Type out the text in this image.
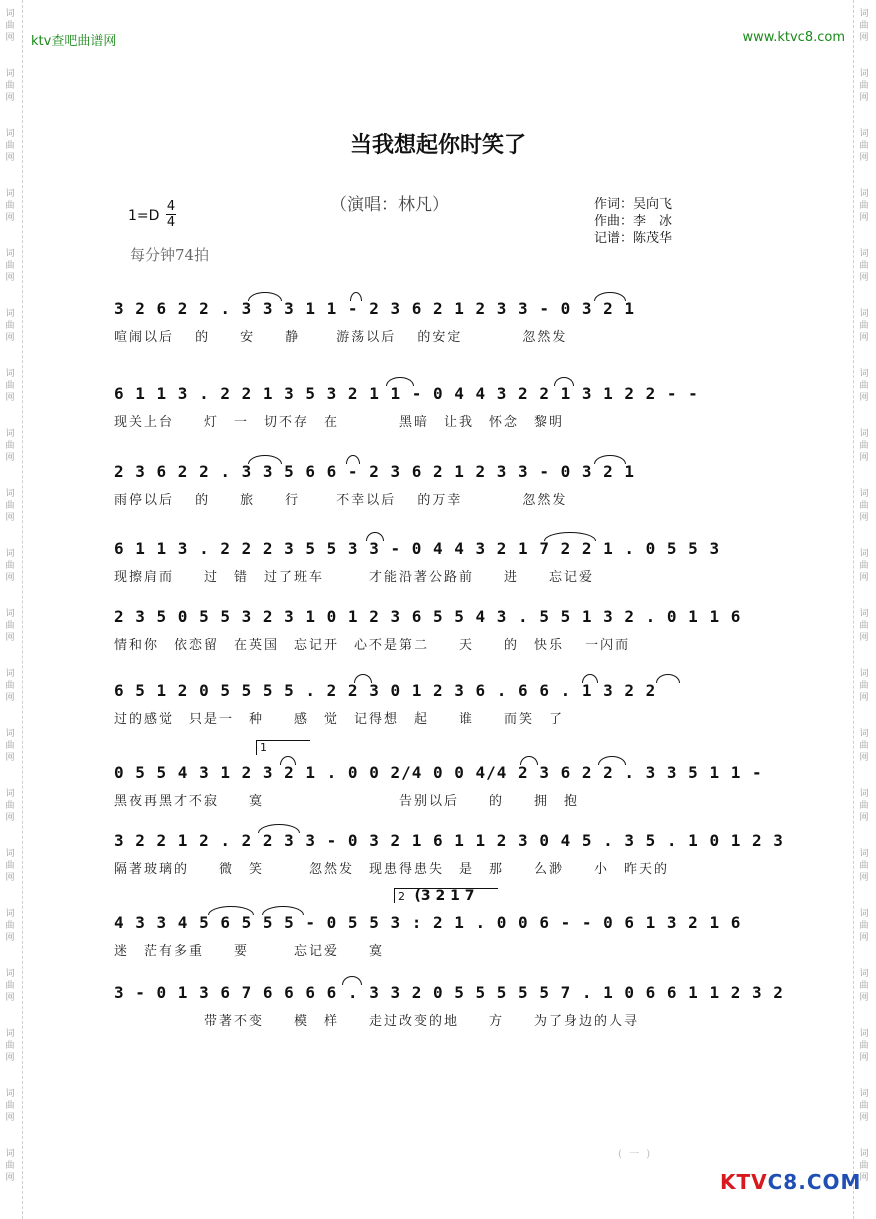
词
曲
网
词
曲
网
词
曲
网
词
曲
网
词
曲
网
词
曲
网
词
曲
网
词
曲
网
词
曲
网
词
曲
网
词
曲
网
词
曲
网
词
曲
网
词
曲
网
词
曲
网
词
曲
网
词
曲
网
词
曲
网
词
曲
网
词
曲
网
词
曲
网
词
曲
网
词
曲
网
词
曲
网
词
曲
网
词
曲
网
词
曲
网
词
曲
网
词
曲
网
词
曲
网
词
曲
网
词
曲
网
词
曲
网
词
曲
网
词
曲
网
词
曲
网
词
曲
网
词
曲
网
词
曲
网
词
曲
网
ktv查吧曲谱网	www.ktvc8.com
当我想起你时笑了
（演唱：林凡）
1=D
4
4
每分钟74拍
作词：吴向飞
作曲：李　冰
记谱：陈茂华
3 2 6 2 2 . 3 3 3 1 1 - 2 3 6 2 1 2 3 3 - 0 3 2 1
喧闹以后　 的　　安　　静　　 游荡以后　 的安定　　　　忽然发
6 1 1 3 . 2 2 1 3 5 3 2 1 1 - 0 4 4 3 2 2 1 3 1 2 2 - -
现关上台　　灯　一　切不存　在　　　　黑暗　让我　怀念　黎明
2 3 6 2 2 . 3 3 5 6 6 - 2 3 6 2 1 2 3 3 - 0 3 2 1
雨停以后　 的　　旅　　行　　 不幸以后　 的万幸　　　　忽然发
6 1 1 3 . 2 2 2 3 5 5 3 3 - 0 4 4 3 2 1 7 2 2 1 . 0 5 5 3
现擦肩而　　过　错　过了班车　　　才能沿著公路前　　进　　忘记爱
2 3 5 0 5 5 3 2 3 1 0 1 2 3 6 5 5 4 3 . 5 5 1 3 2 . 0 1 1 6
情和你　依恋留　在英国　忘记开　心不是第二　　天　　的　快乐　 一闪而
6 5 1 2 0 5 5 5 5 . 2 2 3 0 1 2 3 6 . 6 6 . 1 3 2 2
过的感觉　只是一　种　　感　觉　记得想　起　　谁　　而笑　了
1
0 5 5 4 3 1 2 3 2 1 . 0 0 2/4 0 0 4/4 2 3 6 2 2 . 3 3 5 1 1 -
黑夜再黑才不寂　　寞　　　　　　　　　告别以后　　的　　拥　抱
3 2 2 1 2 . 2 2 3 3 - 0 3 2 1 6 1 1 2 3 0 4 5 . 3 5 . 1 0 1 2 3
隔著玻璃的　　微　笑　　　忽然发　现患得患失　是　那　　么渺　　小　昨天的
2 (3 2 1 7
4 3 3 4 5 6 5 5 5 - 0 5 5 3 : 2 1 . 0 0 6 - - 0 6 1 3 2 1 6
迷　茫有多重　　要　　　忘记爱　　寞
3 - 0 1 3 6 7 6 6 6 6 . 3 3 2 0 5 5 5 5 5 7 . 1 0 6 6 1 1 2 3 2
　　　　　　带著不变　　模　样　　走过改变的地　　方　　为了身边的人寻
( 一 )
KTVC8.COM
